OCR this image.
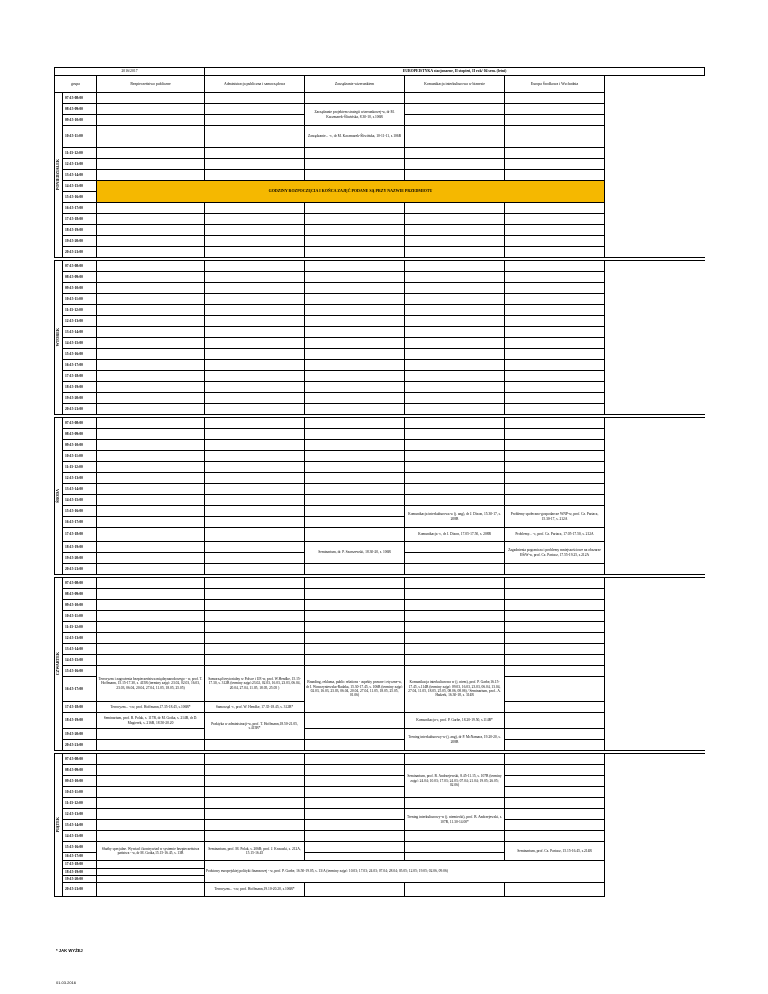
2016/2017			EUROPEISTYKA stacjonarne, II stopień, II rok/ 04 sem. (letni)			
grupa		Bezpieczeństwo publiczne	Administracja publiczna i samorządowa	Zarządzanie wizerunkiem	Komunikacja interkulturowa w biznesie	Europa Środkowa i Wschodnia

PONIEDZIAŁEK	07:15-08:00					
	08:15-09:00			Zarządzanie projektem strategii wizerunkowej-w, dr M. Kaczmarek-Śliwińska, 8.30-10, s.106B		
	09:15-10:00				
	10:15-11:00			Zarządzanie... -c, dr M. Kaczmarek-Śliwińska, 10-11-11, s.106B		
	11:15-12:00					
	12:15-13:00					
	13:15-14:00					
	14:15-15:00	GODZINY ROZPOCZĘCIA I KOŃCA ZAJĘĆ PODANE SĄ PRZY NAZWIE PRZEDMIOTU				
	15:15-16:00					
	16:15-17:00					
	17:15-18:00					
	18:15-19:00					
	19:15-20:00					
	20:15-21:00					

WTOREK	07:15-08:00					
	08:15-09:00					
	09:15-10:00					
	10:15-11:00					
	11:15-12:00					
	12:15-13:00					
	13:15-14:00					
	14:15-15:00					
	15:15-16:00					
	16:15-17:00					
	17:15-18:00					
	18:15-19:00					
	19:15-20:00					
	20:15-21:00					

ŚRODA	07:15-08:00					
	08:15-09:00					
	09:15-10:00					
	10:15-11:00					
	11:15-12:00					
	12:15-13:00					
	13:15-14:00					
	14:15-15:00					
	15:15-16:00				Komunikacja interkulturowa w (j. ang), dr J. Dixon, 15.30-17, s. 208B	Problemy społeczno-gospodarcze WNP-w, prof. Cz. Partacz, 15.30-17, s. 212A
	16:15-17:00				
	17:15-18:00				Komunikacja -c, dr J. Dixon, 17.05-17.50, s. 208B	Problemy... -c, prof. Cz. Partacz, 17.05-17.50, s. 212A
	18:15-19:00			Seminarium, dr. P. Szarszewski, 18.30-20, s. 106B		Zagadnienia pogranicza i problemy mniejszościowe na obszarze EŚiW-w, prof. Cz. Partacz, 17.55-19.25, s.212A
	19:15-20:00				
	20:15-21:00					

CZWARTEK	07:15-08:00					
	08:15-09:00					
	09:15-10:00					
	10:15-11:00					
	11:15-12:00					
	12:15-13:00					
	13:15-14:00					
	14:15-15:00					
	15:15-16:00	Terroryzm i zagrożenia bezpieczeństwa międzynarodowego - w, prof. T. Hoffmann, 15.15-17.30, s. 415B (terminy zajęć: 23.02, 02.03, 16.03, 23.03, 06.04, 20.04, 27.04, 11.05, 18.05, 25.05)	Samorząd terytorialny w Polsce i UE-w, prof. W.Hendke, 15.15-17.30, s. 312B (terminy zajęć:23.02, 02.03, 16.03, 23.03, 06.04, 20.04, 27.04, 11.05, 18.05, 25.05 )	Branding, reklama, public relations - aspekty prawne i etyczne-w, dr I. Wawrzyniewska-Radzka, 15.30-17.45, s. 106B (terminy zajęć: 02.03, 16.03, 23.03, 06.04, 20.04, 27.04, 11.05, 18.05, 25.05, 01.06)	Komunikacja interkulturowa w (j. niem), prof. P. Garbe,16.15-17.45, s.114B (terminy zajęć: 09.03, 16.03, 23.03, 06.04, 13.04, 27.04, 11.05, 18.05, 25.05, 08.06, 08.06) / Seminarium, prof.. A. Hadzek, 16.30-18, s. 314B	
	16:15-17:00				
	17:15-18:00	Terroryzm... -cw, prof. Hoffmann,17.35-18.45, s.106B*	Samorząd -c, prof. W. Hendke, 17.35-18.45, s. 312B*		
	18:15-19:00	Seminarium, prof. B. Polak, s. 117B, dr M. Gotka, s. 214B, dr D. Magierek, s. 216B, 18.50-20.20	Praktyka w administracji-w, prof. T. Hoffmann,18.50-21.05, s.415B*		Komunikacja-c, prof. P. Garbe, 18.20-19.50, s.114B*	
	19:15-20:00				Trening interkulturowy-w (j. ang), dr P. McNamara, 19.20-20, s. 208B	
	20:15-21:00				

PIĄTEK	07:15-08:00					
	08:15-09:00				Seminarium, prof. B. Andrzejewski, 8.45-11.15, s. 107B (terminy zajęć: 24.04; 10.03; 17.03; 24.03; 07.04; 21.04; 19.05; 26.05; 02.06)	
	09:15-10:00				
	10:15-11:00				
	11:15-12:00					
	12:15-13:00				Trening interkulturowy-w (j. niemiecki), prof. B. Andrzejewski, s. 107B, 11.30-14.00*	
	13:15-14:00				
	14:15-15:00					
	15:15-16:00	Służby specjalne. Wywiad i kontrywiad w systemie bezpieczeństwa państwa - w, dr M. Gotka,15.15-16.45, s. 13B	Seminarium, prof. M. Polak, s. 206B; prof. J. Krasuski, s. 212A, 15.15-16.45			Seminarium, prof. Cz. Partacz, 15.15-16.45, s.214B
	16:15-17:00				
	17:15-18:00		Podstawy europejskiej polityki finansowej - w, prof. P. Garbe, 16.50-19.05, s. 13/A (terminy zajęć: 10.03; 17.03; 24.03; 07.04; 28.04; 05.05; 12.05; 19.05; 02.06, 09.06)		
	18:15-19:00				
	19:15-20:00				
	20:15-21:00		Terroryzm... -cw, prof. Hoffmann,19.10-20.20, s.106B*			
* JAK WYŻEJ
01.03.2016
